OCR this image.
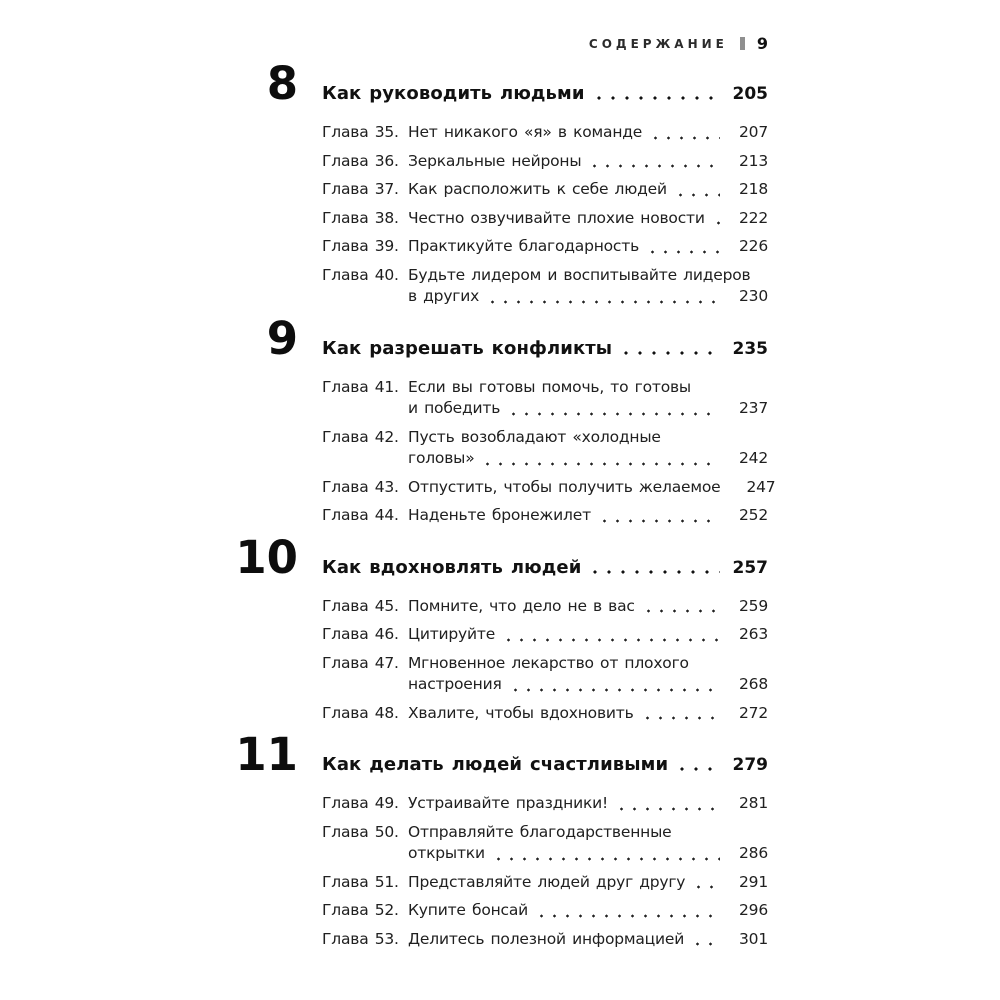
СОДЕРЖАНИЕ 9
8	Как руководить людьми	205
Глава 35. Нет никакого «я» в команде	207
Глава 36. Зеркальные нейроны	213
Глава 37. Как расположить к себе людей	218
Глава 38. Честно озвучивайте плохие новости	222
Глава 39. Практикуйте благодарность	226
Глава 40. Будьте лидером и воспитывайте лидеров
в других	230
9	Как разрешать конфликты	235
Глава 41. Если вы готовы помочь, то готовы
и победить	237
Глава 42. Пусть возобладают «холодные
головы»	242
Глава 43. Отпустить, чтобы получить желаемое	247
Глава 44. Наденьте бронежилет	252
10	Как вдохновлять людей	257
Глава 45. Помните, что дело не в вас	259
Глава 46. Цитируйте	263
Глава 47. Мгновенное лекарство от плохого
настроения	268
Глава 48. Хвалите, чтобы вдохновить	272
11	Как делать людей счастливыми	279
Глава 49. Устраивайте праздники!	281
Глава 50. Отправляйте благодарственные
открытки	286
Глава 51. Представляйте людей друг другу	291
Глава 52. Купите бонсай	296
Глава 53. Делитесь полезной информацией	301
